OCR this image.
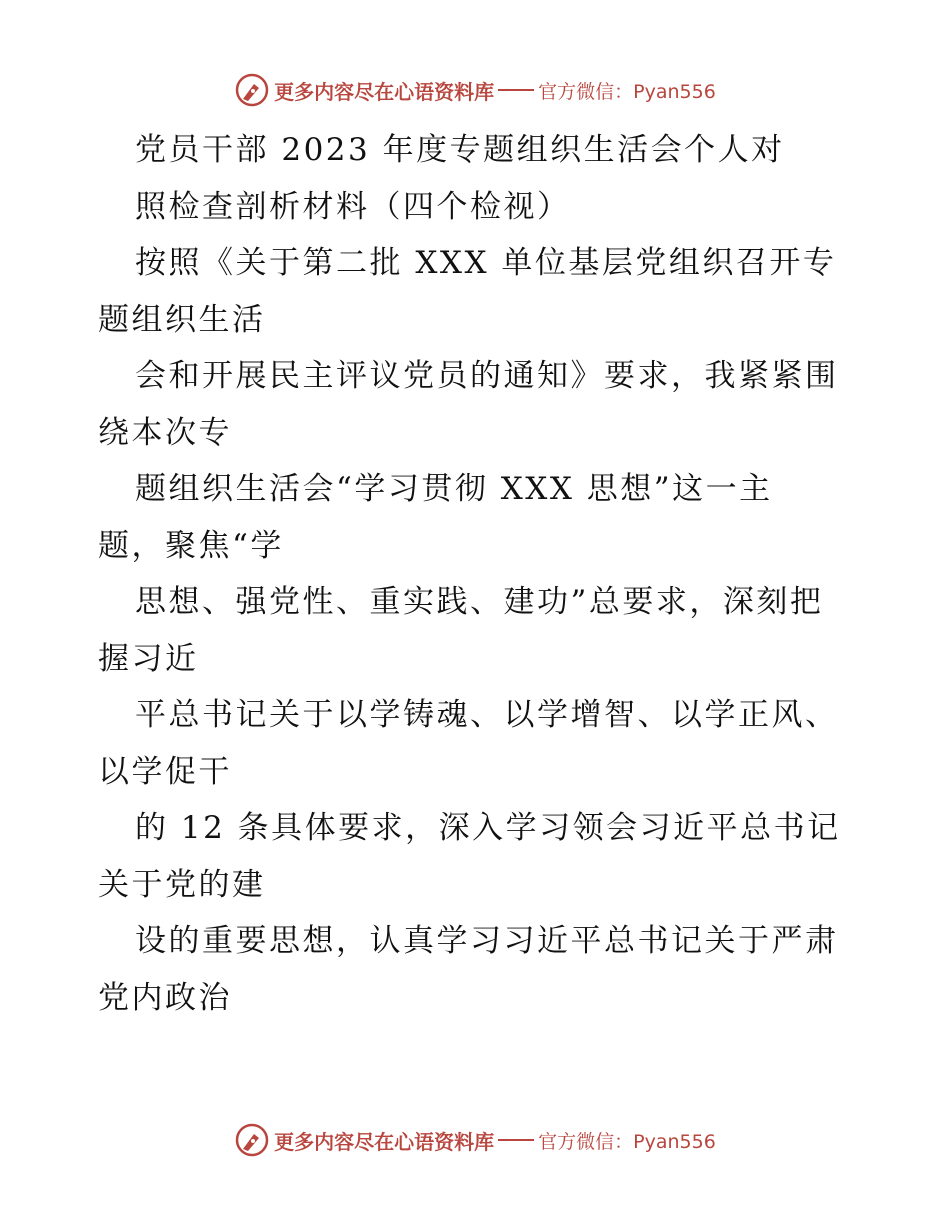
更多内容尽在心语资料库 官方微信：Pyan556
党员干部 2023 年度专题组织生活会个人对
照检查剖析材料（四个检视）
按照《关于第二批 XXX 单位基层党组织召开专
题组织生活
会和开展民主评议党员的通知》要求，我紧紧围
绕本次专
题组织生活会“学习贯彻 XXX 思想”这一主
题，聚焦“学
思想、强党性、重实践、建功”总要求，深刻把
握习近
平总书记关于以学铸魂、以学增智、以学正风、
以学促干
的 12 条具体要求，深入学习领会习近平总书记
关于党的建
设的重要思想，认真学习习近平总书记关于严肃
党内政治
更多内容尽在心语资料库 官方微信：Pyan556
